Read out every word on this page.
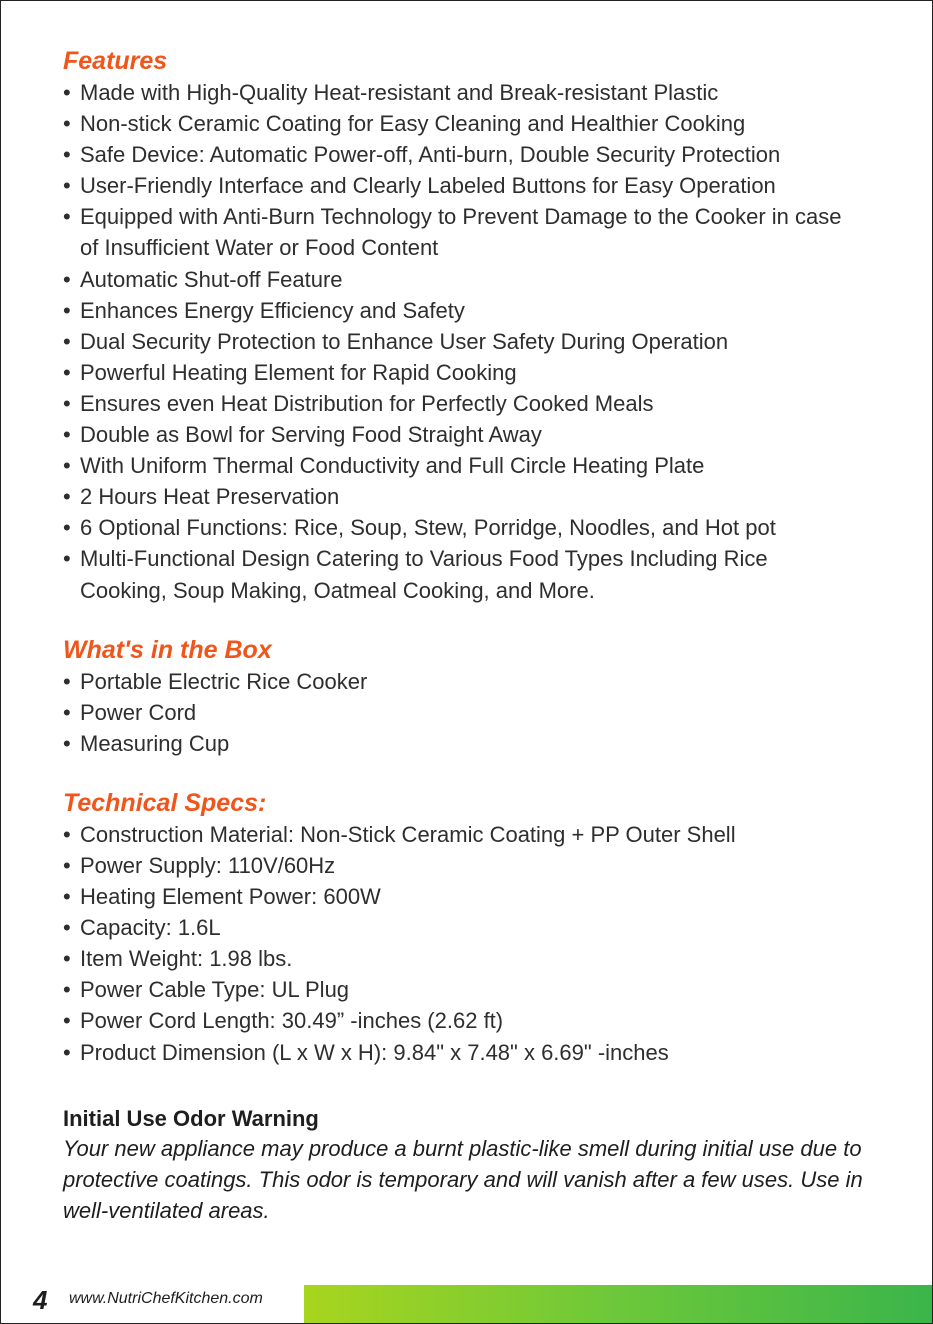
Features
• Made with High-Quality Heat-resistant and Break-resistant Plastic
• Non-stick Ceramic Coating for Easy Cleaning and Healthier Cooking
• Safe Device: Automatic Power-off, Anti-burn, Double Security Protection
• User-Friendly Interface and Clearly Labeled Buttons for Easy Operation
• Equipped with Anti-Burn Technology to Prevent Damage to the Cooker in case of Insufficient Water or Food Content
• Automatic Shut-off Feature
• Enhances Energy Efficiency and Safety
• Dual Security Protection to Enhance User Safety During Operation
• Powerful Heating Element for Rapid Cooking
• Ensures even Heat Distribution for Perfectly Cooked Meals
• Double as Bowl for Serving Food Straight Away
• With Uniform Thermal Conductivity and Full Circle Heating Plate
• 2 Hours Heat Preservation
• 6 Optional Functions: Rice, Soup, Stew, Porridge, Noodles, and Hot pot
• Multi-Functional Design Catering to Various Food Types Including Rice Cooking, Soup Making, Oatmeal Cooking, and More.
What's in the Box
• Portable Electric Rice Cooker
• Power Cord
• Measuring Cup
Technical Specs:
• Construction Material: Non-Stick Ceramic Coating + PP Outer Shell
• Power Supply: 110V/60Hz
• Heating Element Power: 600W
• Capacity: 1.6L
• Item Weight: 1.98 lbs.
• Power Cable Type: UL Plug
• Power Cord Length: 30.49” -inches (2.62 ft)
• Product Dimension (L x W x H): 9.84" x 7.48" x 6.69" -inches
Initial Use Odor Warning

Your new appliance may produce a burnt plastic-like smell during initial use due to protective coatings. This odor is temporary and will vanish after a few uses. Use in well-ventilated areas.

4 www.NutriChefKitchen.com
